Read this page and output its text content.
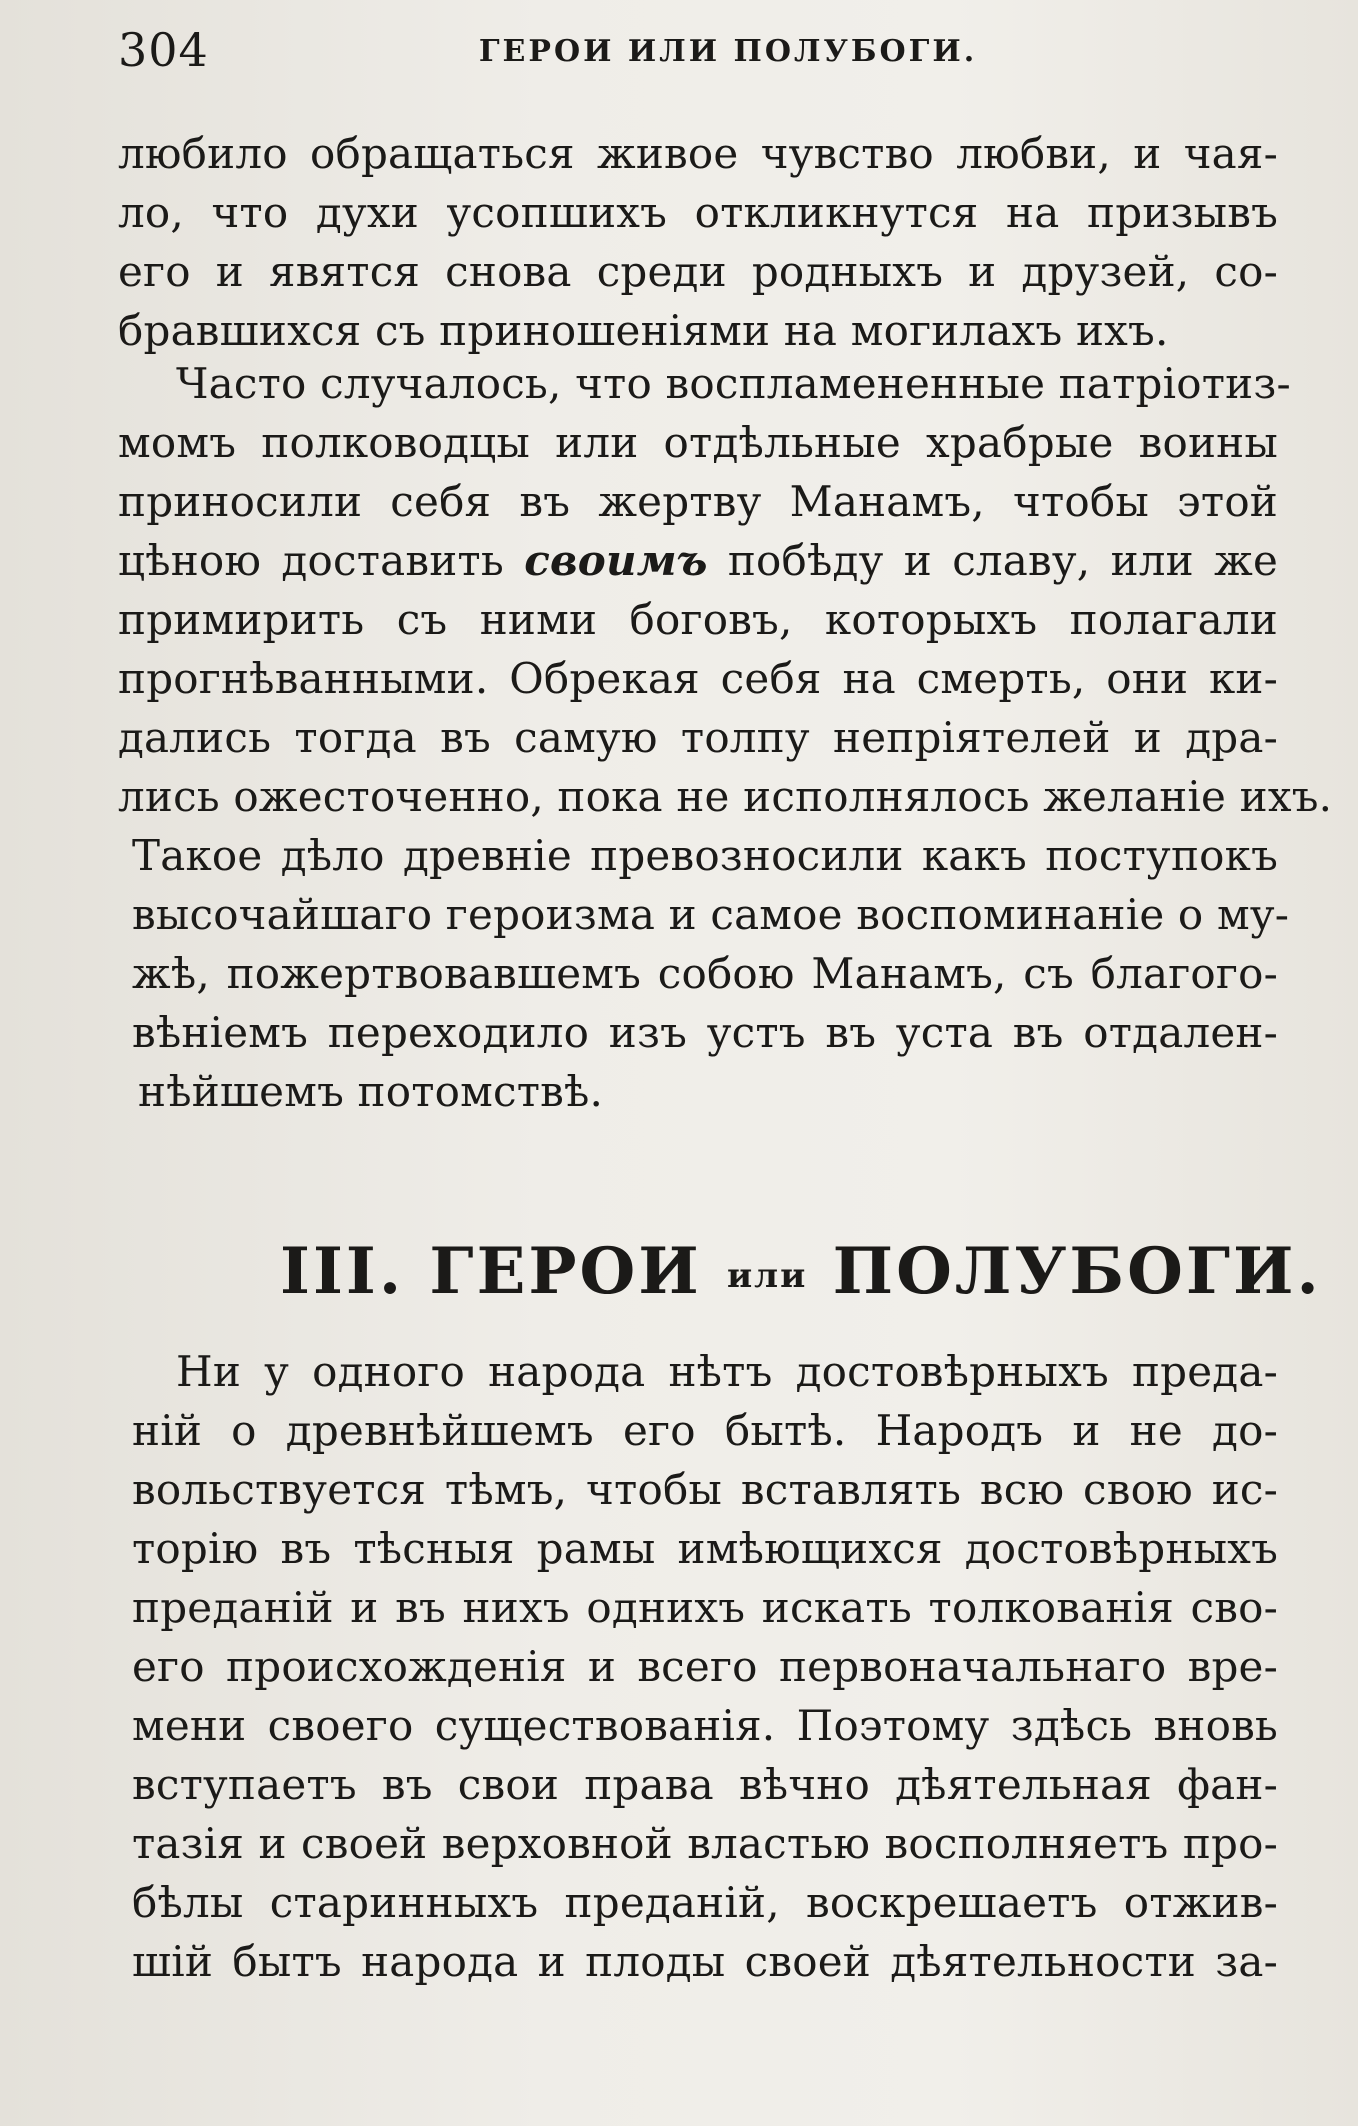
304	ГЕРОИ ИЛИ ПОЛУБОГИ.
любило обращаться живое чувство любви, и чая-
ло, что духи усопшихъ откликнутся на призывъ
его и явятся снова среди родныхъ и друзей, со-
бравшихся съ приношеніями на могилахъ ихъ.
Часто случалось, что воспламененные патріотиз-
момъ полководцы или отдѣльные храбрые воины
приносили себя въ жертву Манамъ, чтобы этой
цѣною доставить своимъ побѣду и славу, или же
примирить съ ними боговъ, которыхъ полагали
прогнѣванными. Обрекая себя на смерть, они ки-
дались тогда въ самую толпу непріятелей и дра-
лись ожесточенно, пока не исполнялось желаніе ихъ.
Такое дѣло древніе превозносили какъ поступокъ
высочайшаго героизма и самое воспоминаніе о му-
жѣ, пожертвовавшемъ собою Манамъ, съ благого-
вѣніемъ переходило изъ устъ въ уста въ отдален-
нѣйшемъ потомствѣ.
III. ГЕРОИ или ПОЛУБОГИ.
Ни у одного народа нѣтъ достовѣрныхъ преда-
ній о древнѣйшемъ его бытѣ. Народъ и не до-
вольствуется тѣмъ, чтобы вставлять всю свою ис-
торію въ тѣсныя рамы имѣющихся достовѣрныхъ
преданій и въ нихъ однихъ искать толкованія сво-
его происхожденія и всего первоначальнаго вре-
мени своего существованія. Поэтому здѣсь вновь
вступаетъ въ свои права вѣчно дѣятельная фан-
тазія и своей верховной властью восполняетъ про-
бѣлы старинныхъ преданій, воскрешаетъ отжив-
шій бытъ народа и плоды своей дѣятельности за-
